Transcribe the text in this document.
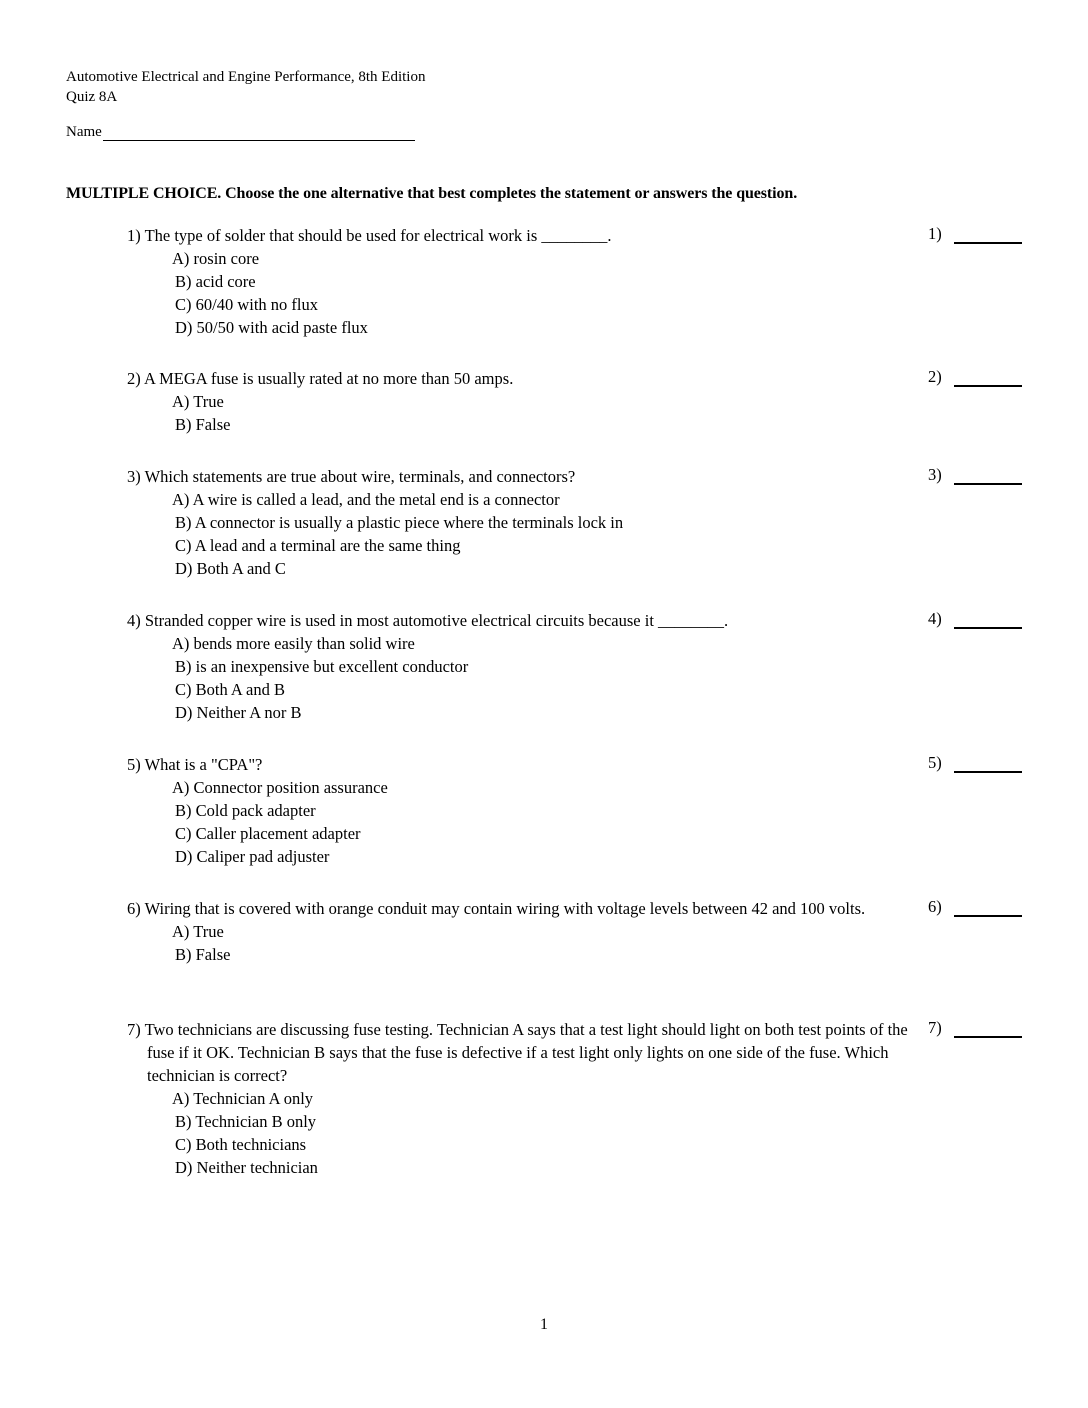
Automotive Electrical and Engine Performance, 8th Edition
Quiz 8A
Name
MULTIPLE CHOICE. Choose the one alternative that best completes the statement or answers the question.
1) The type of solder that should be used for electrical work is ________.
A) rosin core
B) acid core
C) 60/40 with no flux
D) 50/50 with acid paste flux
1)
2) A MEGA fuse is usually rated at no more than 50 amps.
A) True
B) False
2)
3) Which statements are true about wire, terminals, and connectors?
A) A wire is called a lead, and the metal end is a connector
B) A connector is usually a plastic piece where the terminals lock in
C) A lead and a terminal are the same thing
D) Both A and C
3)
4) Stranded copper wire is used in most automotive electrical circuits because it ________.
A) bends more easily than solid wire
B) is an inexpensive but excellent conductor
C) Both A and B
D) Neither A nor B
4)
5) What is a "CPA"?
A) Connector position assurance
B) Cold pack adapter
C) Caller placement adapter
D) Caliper pad adjuster
5)
6) Wiring that is covered with orange conduit may contain wiring with voltage levels between 42 and 100 volts.
A) True
B) False
6)
7) Two technicians are discussing fuse testing. Technician A says that a test light should light on both test points of the fuse if it OK. Technician B says that the fuse is defective if a test light only lights on one side of the fuse. Which technician is correct?
A) Technician A only
B) Technician B only
C) Both technicians
D) Neither technician
7)
1
